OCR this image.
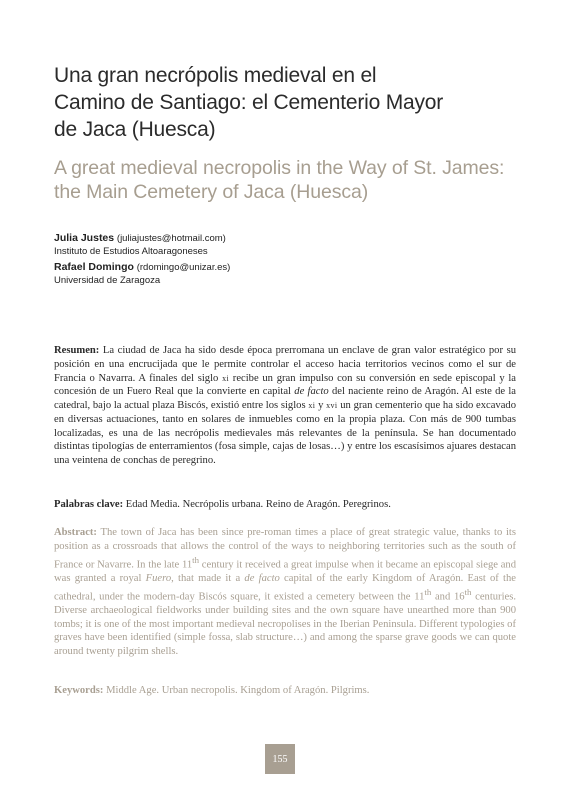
Una gran necrópolis medieval en el
Camino de Santiago: el Cementerio Mayor
de Jaca (Huesca)
A great medieval necropolis in the Way of St. James:
the Main Cemetery of Jaca (Huesca)
Julia Justes (juliajustes@hotmail.com)
Instituto de Estudios Altoaragoneses
Rafael Domingo (rdomingo@unizar.es)
Universidad de Zaragoza
Resumen: La ciudad de Jaca ha sido desde época prerromana un enclave de gran valor estratégico por su posición en una encrucijada que le permite controlar el acceso hacia territorios vecinos como el sur de Francia o Navarra. A finales del siglo xi recibe un gran impulso con su conversión en sede episcopal y la concesión de un Fuero Real que la convierte en capital de facto del naciente reino de Aragón. Al este de la catedral, bajo la actual plaza Biscós, existió entre los siglos xi y xvi un gran cementerio que ha sido excavado en diversas actuaciones, tanto en solares de inmuebles como en la propia plaza. Con más de 900 tumbas localizadas, es una de las necrópolis medievales más relevantes de la península. Se han documentado distintas tipologías de enterramientos (fosa simple, cajas de losas…) y entre los escasísimos ajuares destacan una veintena de conchas de peregrino.
Palabras clave: Edad Media. Necrópolis urbana. Reino de Aragón. Peregrinos.
Abstract: The town of Jaca has been since pre-roman times a place of great strategic value, thanks to its position as a crossroads that allows the control of the ways to neighboring territories such as the south of France or Navarre. In the late 11th century it received a great impulse when it became an episcopal siege and was granted a royal Fuero, that made it a de facto capital of the early Kingdom of Aragón. East of the cathedral, under the modern-day Biscós square, it existed a cemetery between the 11th and 16th centuries. Diverse archaeological fieldworks under building sites and the own square have unearthed more than 900 tombs; it is one of the most important medieval necropolises in the Iberian Peninsula. Different typologies of graves have been identified (simple fossa, slab structure…) and among the sparse grave goods we can quote around twenty pilgrim shells.
Keywords: Middle Age. Urban necropolis. Kingdom of Aragón. Pilgrims.
155
